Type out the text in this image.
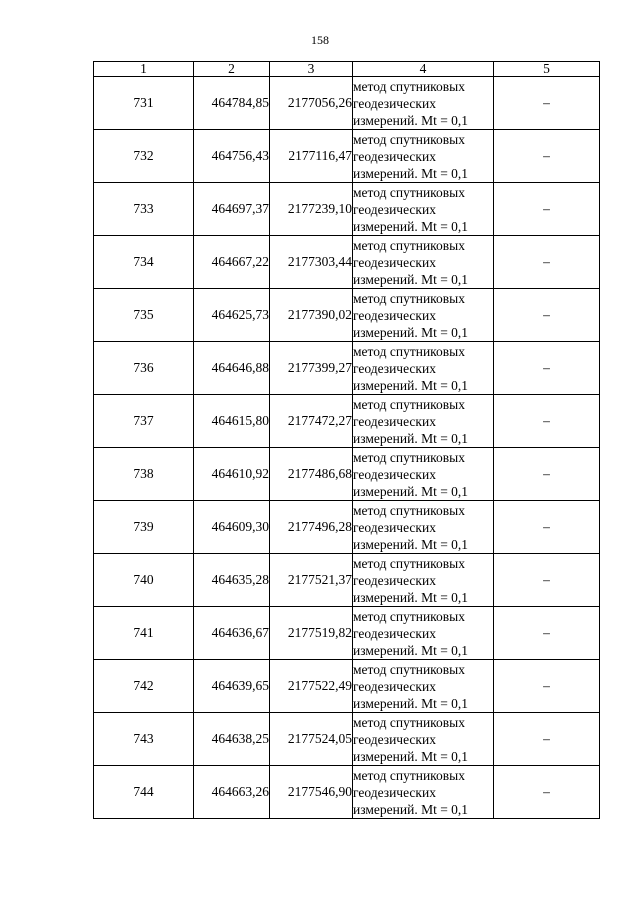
158
1	2	3	4	5
731	464784,85	2177056,26	метод спутниковых
геодезических
измерений. Mt = 0,1	–
732	464756,43	2177116,47	метод спутниковых
геодезических
измерений. Mt = 0,1	–
733	464697,37	2177239,10	метод спутниковых
геодезических
измерений. Mt = 0,1	–
734	464667,22	2177303,44	метод спутниковых
геодезических
измерений. Mt = 0,1	–
735	464625,73	2177390,02	метод спутниковых
геодезических
измерений. Mt = 0,1	–
736	464646,88	2177399,27	метод спутниковых
геодезических
измерений. Mt = 0,1	–
737	464615,80	2177472,27	метод спутниковых
геодезических
измерений. Mt = 0,1	–
738	464610,92	2177486,68	метод спутниковых
геодезических
измерений. Mt = 0,1	–
739	464609,30	2177496,28	метод спутниковых
геодезических
измерений. Mt = 0,1	–
740	464635,28	2177521,37	метод спутниковых
геодезических
измерений. Mt = 0,1	–
741	464636,67	2177519,82	метод спутниковых
геодезических
измерений. Mt = 0,1	–
742	464639,65	2177522,49	метод спутниковых
геодезических
измерений. Mt = 0,1	–
743	464638,25	2177524,05	метод спутниковых
геодезических
измерений. Mt = 0,1	–
744	464663,26	2177546,90	метод спутниковых
геодезических
измерений. Mt = 0,1	–
